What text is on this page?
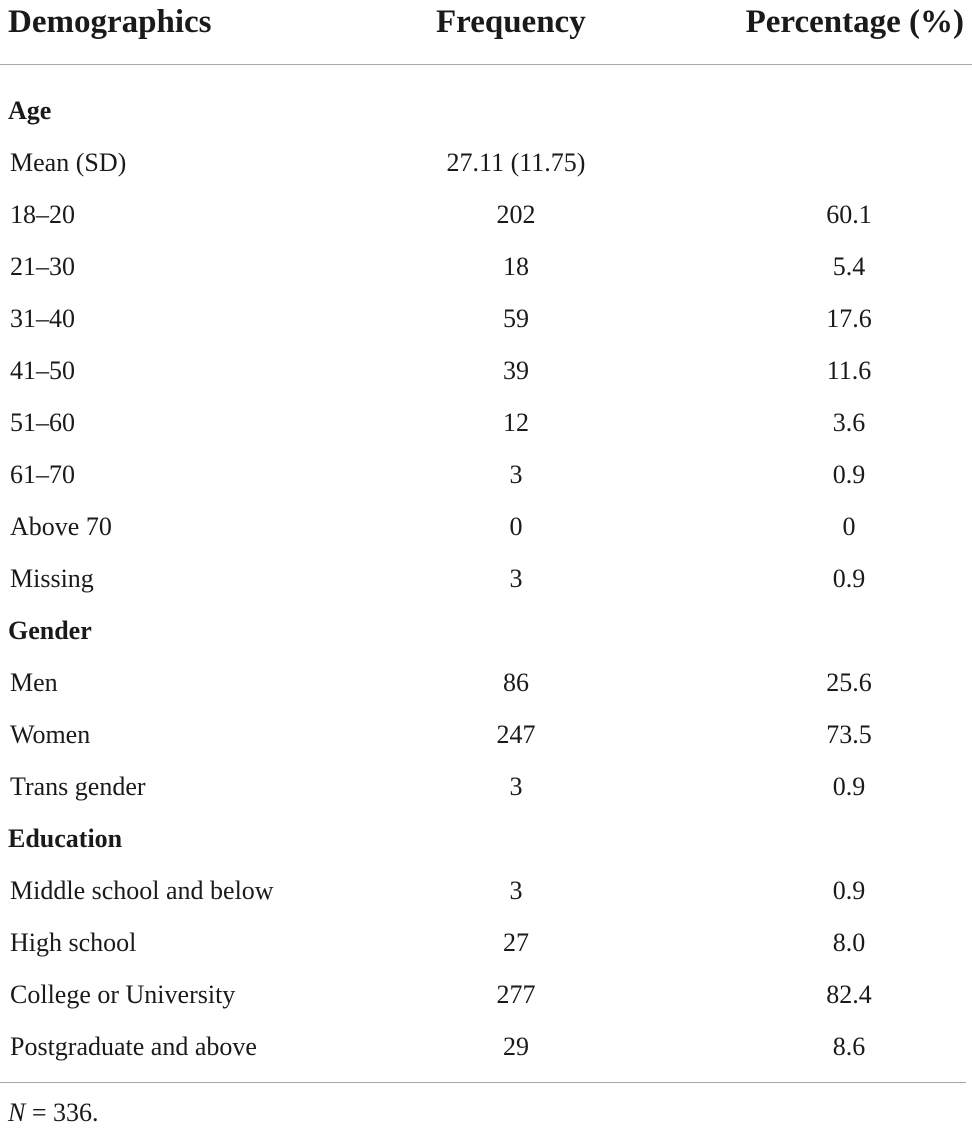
Demographics	Frequency	Percentage (%)
Age
Mean (SD)	27.11 (11.75)
18–20	202	60.1
21–30	18	5.4
31–40	59	17.6
41–50	39	11.6
51–60	12	3.6
61–70	3	0.9
Above 70	0	0
Missing	3	0.9
Gender
Men	86	25.6
Women	247	73.5
Trans gender	3	0.9
Education
Middle school and below	3	0.9
High school	27	8.0
College or University	277	82.4
Postgraduate and above	29	8.6
N = 336.
